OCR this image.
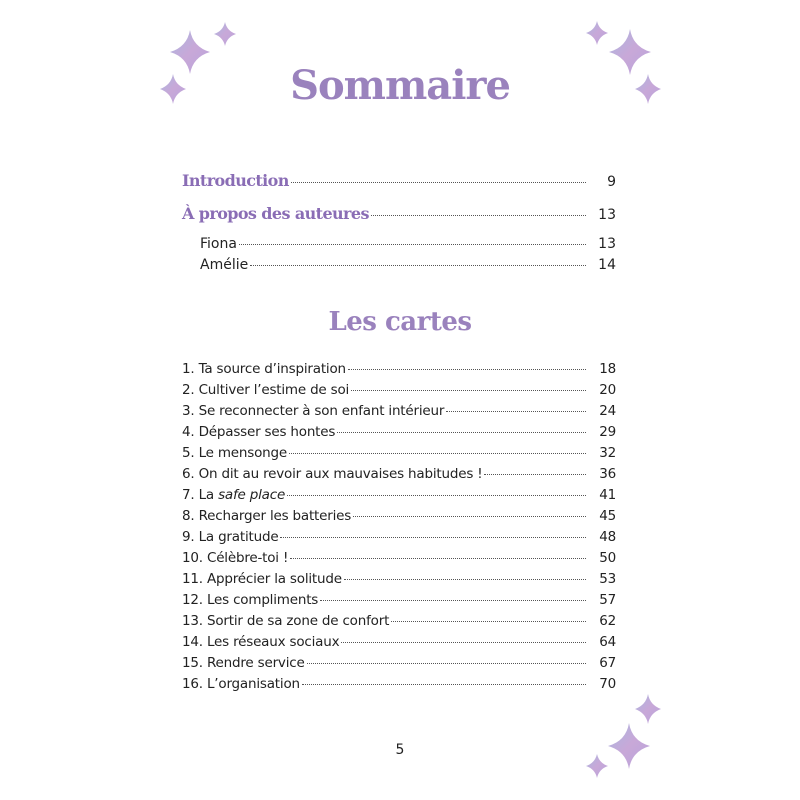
Sommaire
Introduction	9
À propos des auteures	13
Fiona	13
Amélie	14
Les cartes
1. Ta source d’inspiration	18
2. Cultiver l’estime de soi	20
3. Se reconnecter à son enfant intérieur	24
4. Dépasser ses hontes	29
5. Le mensonge	32
6. On dit au revoir aux mauvaises habitudes !	36
7. La safe place	41
8. Recharger les batteries	45
9. La gratitude	48
10. Célèbre-toi !	50
11. Apprécier la solitude	53
12. Les compliments	57
13. Sortir de sa zone de confort	62
14. Les réseaux sociaux	64
15. Rendre service	67
16. L’organisation	70
5
